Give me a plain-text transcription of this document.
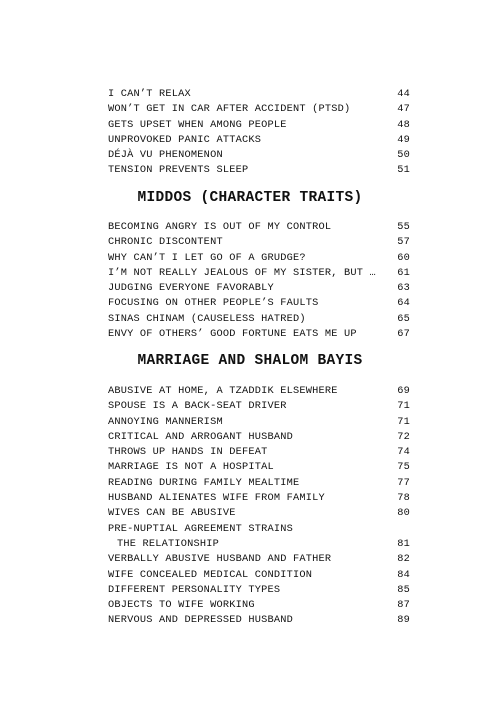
I CAN’T RELAX	44
WON’T GET IN CAR AFTER ACCIDENT (PTSD)	47
GETS UPSET WHEN AMONG PEOPLE	48
UNPROVOKED PANIC ATTACKS	49
DÉJÀ VU PHENOMENON	50
TENSION PREVENTS SLEEP	51
MIDDOS (CHARACTER TRAITS)
BECOMING ANGRY IS OUT OF MY CONTROL	55
CHRONIC DISCONTENT	57
WHY CAN’T I LET GO OF A GRUDGE?	60
I’M NOT REALLY JEALOUS OF MY SISTER, BUT … 61
JUDGING EVERYONE FAVORABLY	63
FOCUSING ON OTHER PEOPLE’S FAULTS	64
SINAS CHINAM (CAUSELESS HATRED)	65
ENVY OF OTHERS’ GOOD FORTUNE EATS ME UP	67
MARRIAGE AND SHALOM BAYIS
ABUSIVE AT HOME, A TZADDIK ELSEWHERE	69
SPOUSE IS A BACK-SEAT DRIVER	71
ANNOYING MANNERISM	71
CRITICAL AND ARROGANT HUSBAND	72
THROWS UP HANDS IN DEFEAT	74
MARRIAGE IS NOT A HOSPITAL	75
READING DURING FAMILY MEALTIME	77
HUSBAND ALIENATES WIFE FROM FAMILY	78
WIVES CAN BE ABUSIVE	80
PRE-NUPTIAL AGREEMENT STRAINS
THE RELATIONSHIP	81
VERBALLY ABUSIVE HUSBAND AND FATHER	82
WIFE CONCEALED MEDICAL CONDITION	84
DIFFERENT PERSONALITY TYPES	85
OBJECTS TO WIFE WORKING	87
NERVOUS AND DEPRESSED HUSBAND	89
